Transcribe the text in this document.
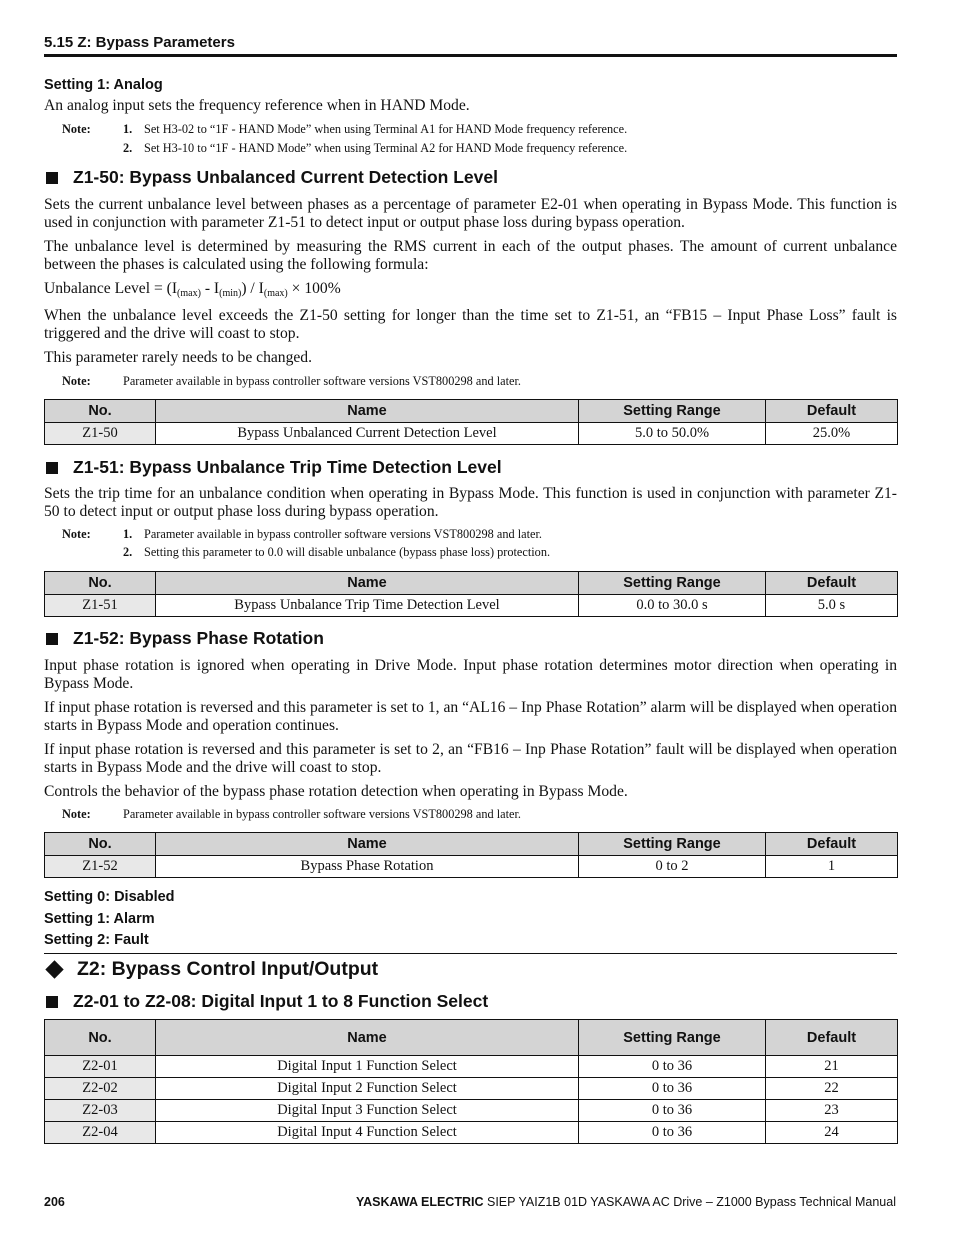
5.15 Z: Bypass Parameters
Setting 1: Analog
An analog input sets the frequency reference when in HAND Mode.
Note:	1. Set H3-02 to “1F - HAND Mode” when using Terminal A1 for HAND Mode frequency reference.
2. Set H3-10 to “1F - HAND Mode” when using Terminal A2 for HAND Mode frequency reference.
Z1-50: Bypass Unbalanced Current Detection Level
Sets the current unbalance level between phases as a percentage of parameter E2-01 when operating in Bypass Mode. This function is used in conjunction with parameter Z1-51 to detect input or output phase loss during bypass operation.
The unbalance level is determined by measuring the RMS current in each of the output phases. The amount of current unbalance between the phases is calculated using the following formula:
Unbalance Level = $(I_{(max)} - I_{(min)}) / I_{(max)} \times 100\%$
When the unbalance level exceeds the Z1-50 setting for longer than the time set to Z1-51, an “FB15 – Input Phase Loss” fault is triggered and the drive will coast to stop.
This parameter rarely needs to be changed.
Note:	Parameter available in bypass controller software versions VST800298 and later.
No.	Name	Setting Range	Default
Z1-50	Bypass Unbalanced Current Detection Level	5.0 to 50.0%	25.0%
Z1-51: Bypass Unbalance Trip Time Detection Level
Sets the trip time for an unbalance condition when operating in Bypass Mode. This function is used in conjunction with parameter Z1-50 to detect input or output phase loss during bypass operation.
Note:	1. Parameter available in bypass controller software versions VST800298 and later.
2. Setting this parameter to 0.0 will disable unbalance (bypass phase loss) protection.
No.	Name	Setting Range	Default
Z1-51	Bypass Unbalance Trip Time Detection Level	0.0 to 30.0 s	5.0 s
Z1-52: Bypass Phase Rotation
Input phase rotation is ignored when operating in Drive Mode. Input phase rotation determines motor direction when operating in Bypass Mode.
If input phase rotation is reversed and this parameter is set to 1, an “AL16 – Inp Phase Rotation” alarm will be displayed when operation starts in Bypass Mode and operation continues.
If input phase rotation is reversed and this parameter is set to 2, an “FB16 – Inp Phase Rotation” fault will be displayed when operation starts in Bypass Mode and the drive will coast to stop.
Controls the behavior of the bypass phase rotation detection when operating in Bypass Mode.
Note:	Parameter available in bypass controller software versions VST800298 and later.
No.	Name	Setting Range	Default
Z1-52	Bypass Phase Rotation	0 to 2	1
Setting 0: Disabled
Setting 1: Alarm
Setting 2: Fault
Z2: Bypass Control Input/Output
Z2-01 to Z2-08: Digital Input 1 to 8 Function Select
No.	Name	Setting Range	Default
Z2-01	Digital Input 1 Function Select	0 to 36	21
Z2-02	Digital Input 2 Function Select	0 to 36	22
Z2-03	Digital Input 3 Function Select	0 to 36	23
Z2-04	Digital Input 4 Function Select	0 to 36	24
206	YASKAWA ELECTRIC SIEP YAIZ1B 01D YASKAWA AC Drive – Z1000 Bypass Technical Manual
